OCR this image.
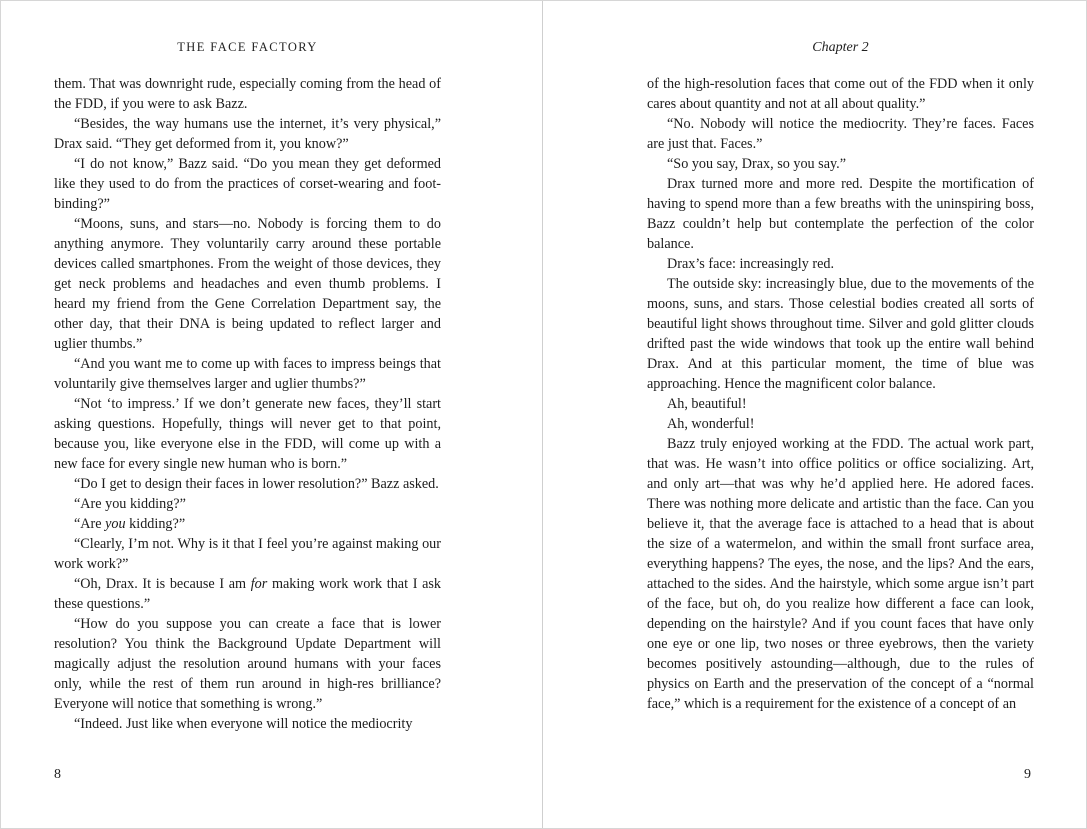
THE FACE FACTORY

them. That was downright rude, especially coming from the head of the FDD, if you were to ask Bazz.

“Besides, the way humans use the internet, it’s very physical,” Drax said. “They get deformed from it, you know?”

“I do not know,” Bazz said. “Do you mean they get deformed like they used to do from the practices of corset-wearing and foot-binding?”

“Moons, suns, and stars—no. Nobody is forcing them to do anything anymore. They voluntarily carry around these portable devices called smartphones. From the weight of those devices, they get neck problems and headaches and even thumb problems. I heard my friend from the Gene Correlation Department say, the other day, that their DNA is being updated to reflect larger and uglier thumbs.”

“And you want me to come up with faces to impress beings that voluntarily give themselves larger and uglier thumbs?”

“Not ‘to impress.’ If we don’t generate new faces, they’ll start asking questions. Hopefully, things will never get to that point, because you, like everyone else in the FDD, will come up with a new face for every single new human who is born.”

“Do I get to design their faces in lower resolution?” Bazz asked.

“Are you kidding?”

“Are you kidding?”

“Clearly, I’m not. Why is it that I feel you’re against making our work work?”

“Oh, Drax. It is because I am for making work work that I ask these questions.”

“How do you suppose you can create a face that is lower resolution? You think the Background Update Department will magically adjust the resolution around humans with your faces only, while the rest of them run around in high-res brilliance? Everyone will notice that something is wrong.”

“Indeed. Just like when everyone will notice the mediocrity

8
Chapter 2

of the high-resolution faces that come out of the FDD when it only cares about quantity and not at all about quality.”

“No. Nobody will notice the mediocrity. They’re faces. Faces are just that. Faces.”

“So you say, Drax, so you say.”

Drax turned more and more red. Despite the mortification of having to spend more than a few breaths with the uninspiring boss, Bazz couldn’t help but contemplate the perfection of the color balance.

Drax’s face: increasingly red.

The outside sky: increasingly blue, due to the movements of the moons, suns, and stars. Those celestial bodies created all sorts of beautiful light shows throughout time. Silver and gold glitter clouds drifted past the wide windows that took up the entire wall behind Drax. And at this particular moment, the time of blue was approaching. Hence the magnificent color balance.

Ah, beautiful!

Ah, wonderful!

Bazz truly enjoyed working at the FDD. The actual work part, that was. He wasn’t into office politics or office socializing. Art, and only art—that was why he’d applied here. He adored faces. There was nothing more delicate and artistic than the face. Can you believe it, that the average face is attached to a head that is about the size of a watermelon, and within the small front surface area, everything happens? The eyes, the nose, and the lips? And the ears, attached to the sides. And the hairstyle, which some argue isn’t part of the face, but oh, do you realize how different a face can look, depending on the hairstyle? And if you count faces that have only one eye or one lip, two noses or three eyebrows, then the variety becomes positively astounding—although, due to the rules of physics on Earth and the preservation of the concept of a “normal face,” which is a requirement for the existence of a concept of an

9
